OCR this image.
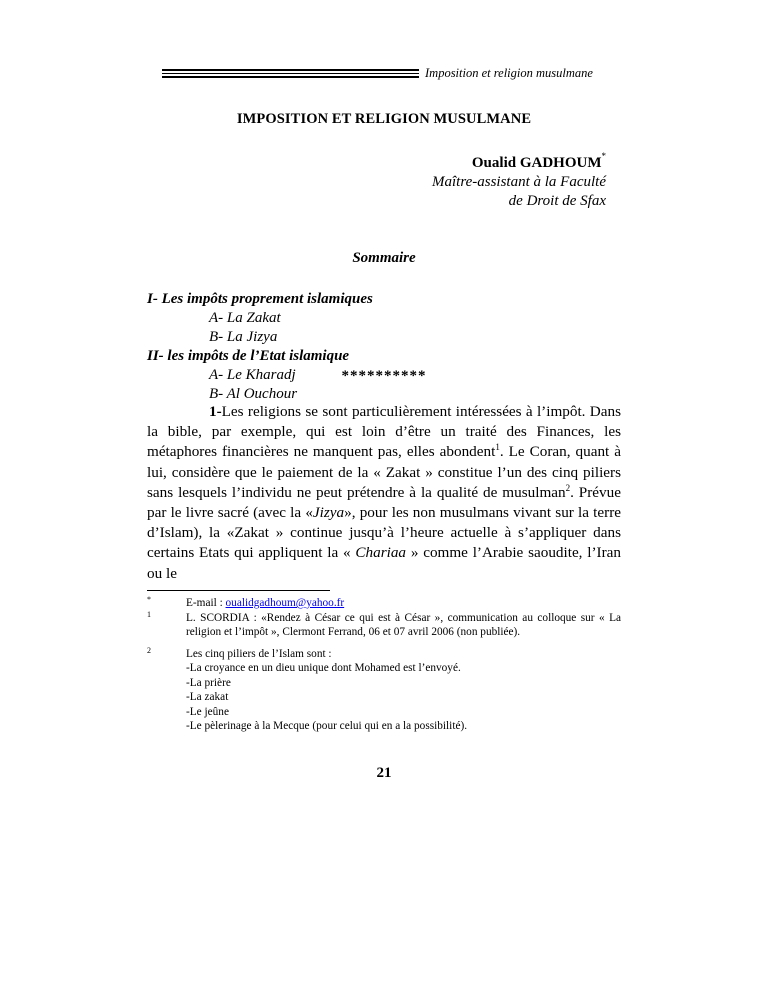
Imposition et religion musulmane
IMPOSITION ET RELIGION MUSULMANE
Oualid GADHOUM*
Maître-assistant à la Faculté
de Droit de Sfax
Sommaire
I- Les impôts proprement islamiques
A- La Zakat
B- La Jizya
II- les impôts de l’Etat islamique
A- Le Kharadj
B- Al Ouchour
**********

1-Les religions se sont particulièrement intéressées à l’impôt. Dans la bible, par exemple, qui est loin d’être un traité des Finances, les métaphores financières ne manquent pas, elles abondent$^1$. Le Coran, quant à lui, considère que le paiement de la « Zakat » constitue l’un des cinq piliers sans lesquels l’individu ne peut prétendre à la qualité de musulman$^2$. Prévue par le livre sacré (avec la «Jizya», pour les non musulmans vivant sur la terre d’Islam), la «Zakat » continue jusqu’à l’heure actuelle à s’appliquer dans certains Etats qui appliquent la « Chariaa » comme l’Arabie saoudite, l’Iran ou le

*	E-mail : oualidgadhoum@yahoo.fr
1	L. SCORDIA : «Rendez à César ce qui est à César », communication au colloque sur « La religion et l’impôt », Clermont Ferrand, 06 et 07 avril 2006 (non publiée).
2	Les cinq piliers de l’Islam sont :
-La croyance en un dieu unique dont Mohamed est l’envoyé.
-La prière
-La zakat
-Le jeûne
-Le pèlerinage à la Mecque (pour celui qui en a la possibilité).
21
